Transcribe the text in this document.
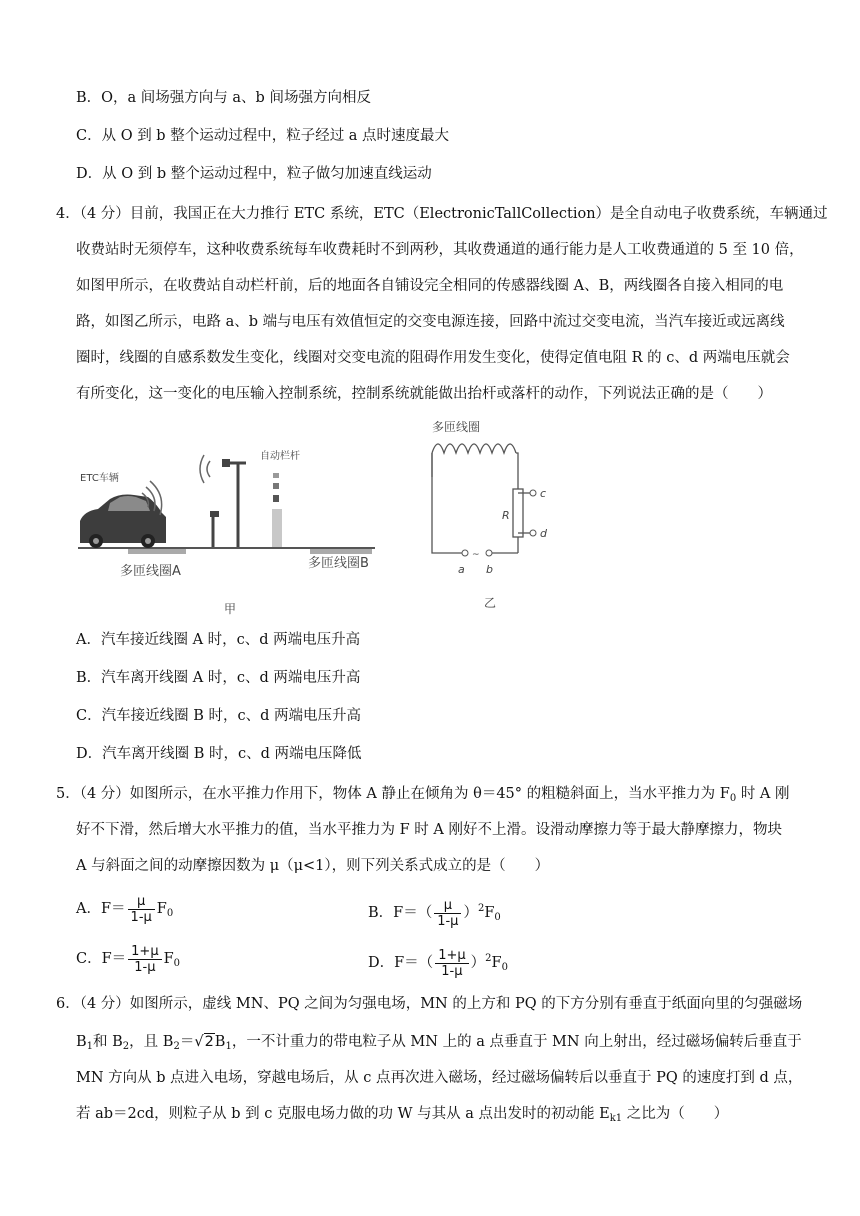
B．O，a 间场强方向与 a、b 间场强方向相反
C．从 O 到 b 整个运动过程中，粒子经过 a 点时速度最大
D．从 O 到 b 整个运动过程中，粒子做匀加速直线运动
4．（4 分）目前，我国正在大力推行 ETC 系统，ETC（ElectronicTallCollection）是全自动电子收费系统，车辆通过
收费站时无须停车，这种收费系统每车收费耗时不到两秒，其收费通道的通行能力是人工收费通道的 5 至 10 倍，
如图甲所示，在收费站自动栏杆前，后的地面各自铺设完全相同的传感器线圈 A、B，两线圈各自接入相同的电
路，如图乙所示，电路 a、b 端与电压有效值恒定的交变电源连接，回路中流过交变电流，当汽车接近或远离线
圈时，线圈的自感系数发生变化，线圈对交变电流的阻碍作用发生变化，使得定值电阻 R 的 c、d 两端电压就会
有所变化，这一变化的电压输入控制系统，控制系统就能做出抬杆或落杆的动作，下列说法正确的是（　　）
ETC车辆
自动栏杆
多匝线圈A
多匝线圈B
甲
多匝线圈
R
c
d
~
a b
乙
A．汽车接近线圈 A 时，c、d 两端电压升高
B．汽车离开线圈 A 时，c、d 两端电压升高
C．汽车接近线圈 B 时，c、d 两端电压升高
D．汽车离开线圈 B 时，c、d 两端电压降低
5．（4 分）如图所示，在水平推力作用下，物体 A 静止在倾角为 θ＝45° 的粗糙斜面上，当水平推力为 $F_0$ 时 A 刚
好不下滑，然后增大水平推力的值，当水平推力为 F 时 A 刚好不上滑。设滑动摩擦力等于最大静摩擦力，物块
A 与斜面之间的动摩擦因数为 μ（μ<1），则下列关系式成立的是（　　）
A．$F= \frac{\mu}{1-\mu} F_0$	B．$F=( \frac{\mu}{1-\mu} )^2F_0$
C．$F= \frac{1+\mu}{1-\mu} F_0$	D．$F=( \frac{1+\mu}{1-\mu} )^2F_0$
6．（4 分）如图所示，虚线 MN、PQ 之间为匀强电场，MN 的上方和 PQ 的下方分别有垂直于纸面向里的匀强磁场
$B_1$和 $B_2$，且 $B_2=√2B_1$，一不计重力的带电粒子从 MN 上的 a 点垂直于 MN 向上射出，经过磁场偏转后垂直于
MN 方向从 b 点进入电场，穿越电场后，从 c 点再次进入磁场，经过磁场偏转后以垂直于 PQ 的速度打到 d 点，
若 ab＝2cd，则粒子从 b 到 c 克服电场力做的功 W 与其从 a 点出发时的初动能 $E_{k1}$ 之比为（　　）
